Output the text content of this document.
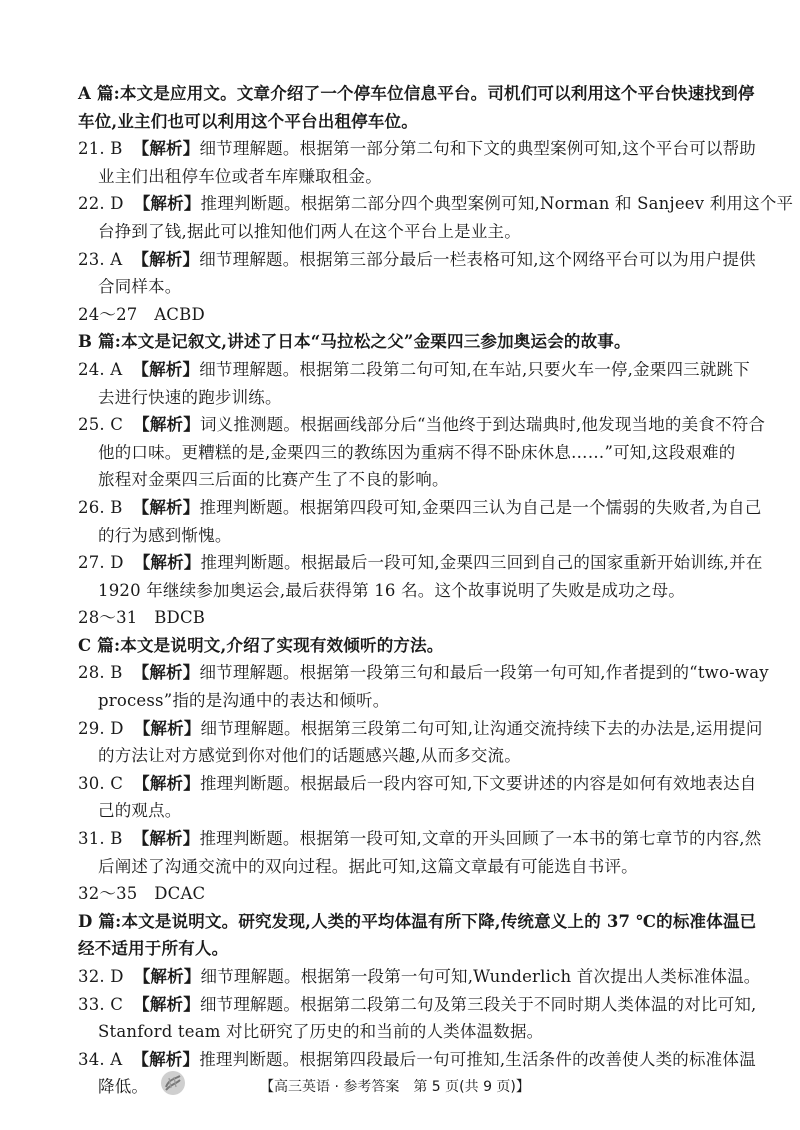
A 篇:本文是应用文。文章介绍了一个停车位信息平台。司机们可以利用这个平台快速找到停
车位,业主们也可以利用这个平台出租停车位。
21. B 【解析】细节理解题。根据第一部分第二句和下文的典型案例可知,这个平台可以帮助
业主们出租停车位或者车库赚取租金。
22. D 【解析】推理判断题。根据第二部分四个典型案例可知,Norman 和 Sanjeev 利用这个平
台挣到了钱,据此可以推知他们两人在这个平台上是业主。
23. A 【解析】细节理解题。根据第三部分最后一栏表格可知,这个网络平台可以为用户提供
合同样本。
24～27　ACBD
B 篇:本文是记叙文,讲述了日本“马拉松之父”金栗四三参加奥运会的故事。
24. A 【解析】细节理解题。根据第二段第二句可知,在车站,只要火车一停,金栗四三就跳下
去进行快速的跑步训练。
25. C 【解析】词义推测题。根据画线部分后“当他终于到达瑞典时,他发现当地的美食不符合
他的口味。更糟糕的是,金栗四三的教练因为重病不得不卧床休息……”可知,这段艰难的
旅程对金栗四三后面的比赛产生了不良的影响。
26. B 【解析】推理判断题。根据第四段可知,金栗四三认为自己是一个懦弱的失败者,为自己
的行为感到惭愧。
27. D 【解析】推理判断题。根据最后一段可知,金栗四三回到自己的国家重新开始训练,并在
1920 年继续参加奥运会,最后获得第 16 名。这个故事说明了失败是成功之母。
28～31　BDCB
C 篇:本文是说明文,介绍了实现有效倾听的方法。
28. B 【解析】细节理解题。根据第一段第三句和最后一段第一句可知,作者提到的“two-way
process”指的是沟通中的表达和倾听。
29. D 【解析】细节理解题。根据第三段第二句可知,让沟通交流持续下去的办法是,运用提问
的方法让对方感觉到你对他们的话题感兴趣,从而多交流。
30. C 【解析】推理判断题。根据最后一段内容可知,下文要讲述的内容是如何有效地表达自
己的观点。
31. B 【解析】推理判断题。根据第一段可知,文章的开头回顾了一本书的第七章节的内容,然
后阐述了沟通交流中的双向过程。据此可知,这篇文章最有可能选自书评。
32～35　DCAC
D 篇:本文是说明文。研究发现,人类的平均体温有所下降,传统意义上的 37 ℃的标准体温已
经不适用于所有人。
32. D 【解析】细节理解题。根据第一段第一句可知,Wunderlich 首次提出人类标准体温。
33. C 【解析】细节理解题。根据第二段第二句及第三段关于不同时期人类体温的对比可知,
Stanford team 对比研究了历史的和当前的人类体温数据。
34. A 【解析】推理判断题。根据第四段最后一句可推知,生活条件的改善使人类的标准体温
降低。	【高三英语 · 参考答案　第 5 页(共 9 页)】
